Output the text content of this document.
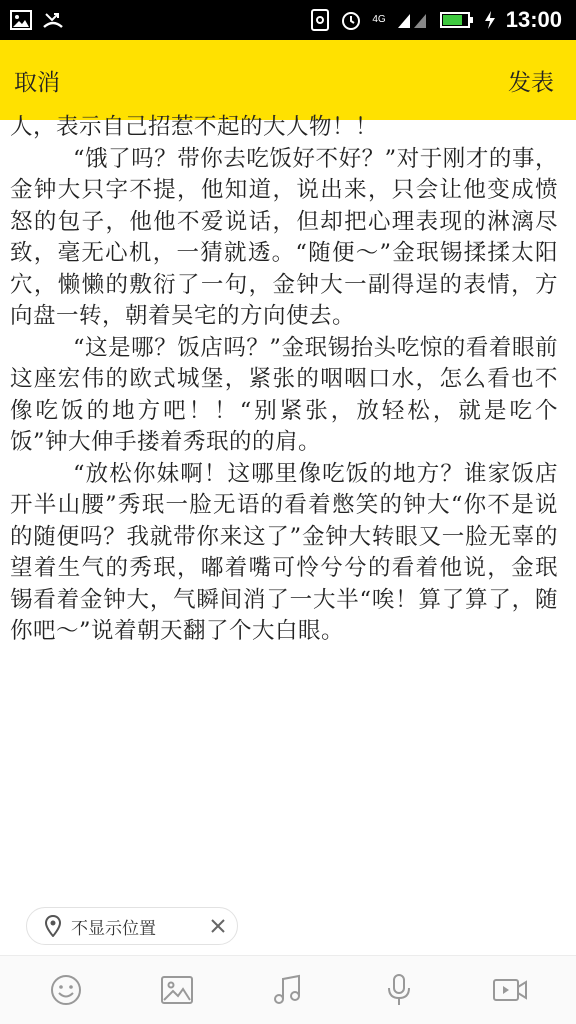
4G	13:00
取消	发表

人，表示自己招惹不起的大人物！！

“饿了吗？带你去吃饭好不好？”对于刚才的事，金钟大只字不提，他知道，说出来，只会让他变成愤怒的包子，他他不爱说话，但却把心理表现的淋漓尽致，毫无心机，一猜就透。“随便～”金珉锡揉揉太阳穴，懒懒的敷衍了一句，金钟大一副得逞的表情，方向盘一转，朝着吴宅的方向使去。

“这是哪？饭店吗？”金珉锡抬头吃惊的看着眼前这座宏伟的欧式城堡，紧张的咽咽口水，怎么看也不像吃饭的地方吧！！“别紧张，放轻松，就是吃个饭”钟大伸手搂着秀珉的的肩。

“放松你妹啊！这哪里像吃饭的地方？谁家饭店开半山腰”秀珉一脸无语的看着憋笑的钟大“你不是说的随便吗？我就带你来这了”金钟大转眼又一脸无辜的望着生气的秀珉，嘟着嘴可怜兮兮的看着他说，金珉锡看着金钟大，气瞬间消了一大半“唉！算了算了，随你吧～”说着朝天翻了个大白眼。

不显示位置
